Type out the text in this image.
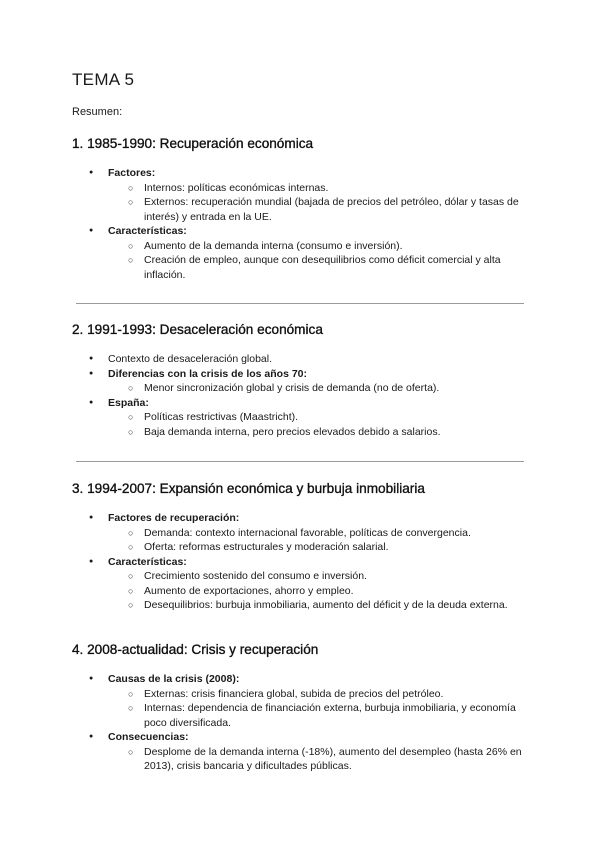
TEMA 5
Resumen:
1. 1985-1990: Recuperación económica
● Factores:
○ Internos: políticas económicas internas.
○ Externos: recuperación mundial (bajada de precios del petróleo, dólar y tasas de interés) y entrada en la UE.
● Características:
○ Aumento de la demanda interna (consumo e inversión).
○ Creación de empleo, aunque con desequilibrios como déficit comercial y alta inflación.
2. 1991-1993: Desaceleración económica
● Contexto de desaceleración global.
● Diferencias con la crisis de los años 70:
○ Menor sincronización global y crisis de demanda (no de oferta).
● España:
○ Políticas restrictivas (Maastricht).
○ Baja demanda interna, pero precios elevados debido a salarios.
3. 1994-2007: Expansión económica y burbuja inmobiliaria
● Factores de recuperación:
○ Demanda: contexto internacional favorable, políticas de convergencia.
○ Oferta: reformas estructurales y moderación salarial.
● Características:
○ Crecimiento sostenido del consumo e inversión.
○ Aumento de exportaciones, ahorro y empleo.
○ Desequilibrios: burbuja inmobiliaria, aumento del déficit y de la deuda externa.
4. 2008-actualidad: Crisis y recuperación
● Causas de la crisis (2008):
○ Externas: crisis financiera global, subida de precios del petróleo.
○ Internas: dependencia de financiación externa, burbuja inmobiliaria, y economía poco diversificada.
● Consecuencias:
○ Desplome de la demanda interna (-18%), aumento del desempleo (hasta 26% en 2013), crisis bancaria y dificultades públicas.
